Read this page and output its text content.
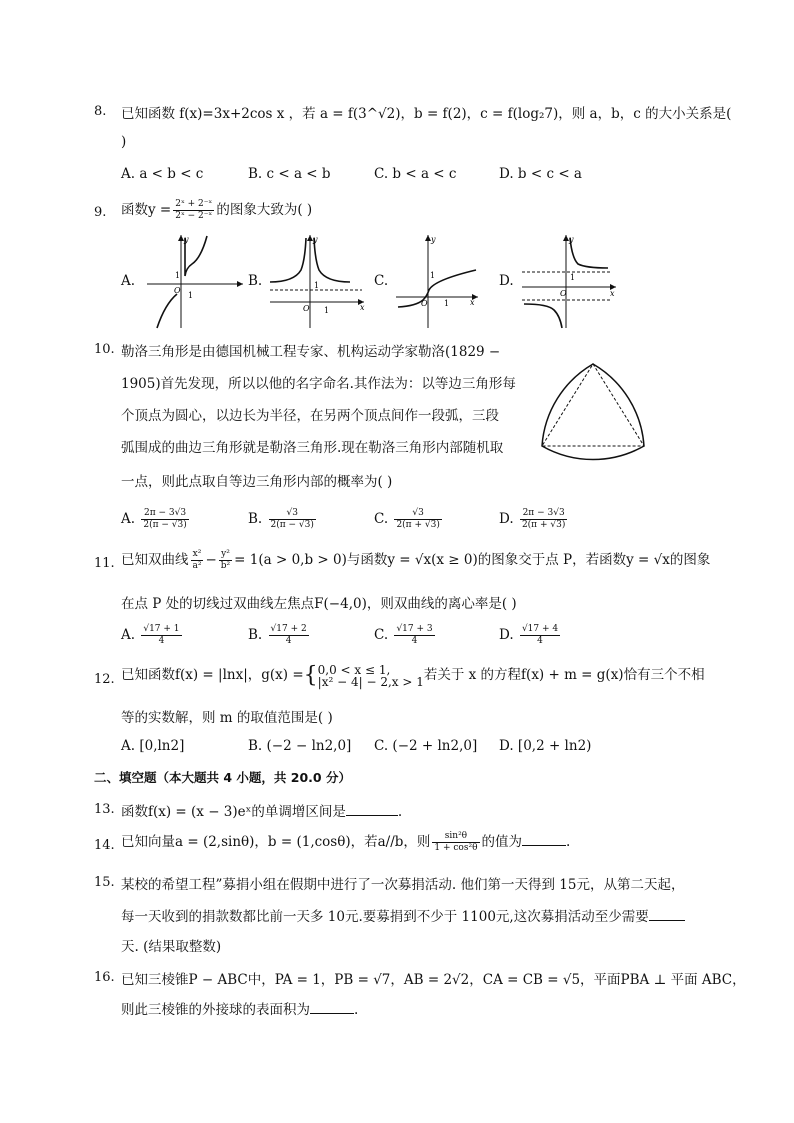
8. 已知函数 f(x)=3x+2cos x ，若 a = f(3^√2)，b = f(2)，c = f(log₂7)，则 a，b，c 的大小关系是(
)
A. a < b < c	B. c < a < b	C. b < a < c	D. b < c < a
9. 函数$y = \frac{\text{2ˣ + 2⁻ˣ}}{\text{2ˣ − 2⁻ˣ}}$ 的图象大致为( )
A.	B.	C.	D.
y
O
1
1
y
x
O 1
1
y
x
O 1
1
y
x
O
1
10. 勒洛三角形是由德国机械工程专家、机构运动学家勒洛(1829 −
1905)首先发现，所以以他的名字命名.其作法为：以等边三角形每
个顶点为圆心，以边长为半径，在另两个顶点间作一段弧，三段
弧围成的曲边三角形就是勒洛三角形.现在勒洛三角形内部随机取
一点，则此点取自等边三角形内部的概率为( )
A. $\frac{2\pi - 3√3}{2(\pi - √3)}$	B. $\frac{√3}{2(\pi - √3)}$	C. $\frac{√3}{2(\pi + √3)}$	D. $\frac{2\pi - 3√3}{2(\pi + √3)}$
11. 已知双曲线 $\frac{\text{x²}}{\text{a²}} - \frac{\text{y²}}{\text{b²}} = 1(a > 0,b > 0)$与函数y = √x(x ≥ 0)的图象交于点 P，若函数y = √x的图象
在点 P 处的切线过双曲线左焦点F(−4,0)，则双曲线的离心率是( )
A. $\frac{√17 + 1}{4}$	B. $\frac{√17 + 2}{4}$	C. $\frac{√17 + 3}{4}$	D. $\frac{√17 + 4}{4}$
12. 已知函数f(x) = |lnx|，g(x) ={ 0,0 < x ≤ 1,
|x² − 4| − 2,x > 1 若关于 x 的方程f(x) + m = g(x)恰有三个不相
等的实数解，则 m 的取值范围是( )
A. [0,ln2]	B. (−2 − ln2,0] C. (−2 + ln2,0] D. [0,2 + ln2)
二、填空题（本大题共 4 小题，共 20.0 分）
13. 函数f(x) = (x − 3)eˣ的单调增区间是	.
14. 已知向量a = (2,sinθ)，b = (1,cosθ)，若a//b，则 $\frac{\text{sin²θ}}{\text{1 + cos²θ}}$ 的值为	.
15. 某校的希望工程”募捐小组在假期中进行了一次募捐活动. 他们第一天得到 15元，从第二天起，
每一天收到的捐款数都比前一天多 10元.要募捐到不少于 1100元,这次募捐活动至少需要
天. (结果取整数)
16. 已知三棱锥P − ABC中，PA = 1，PB = √7，AB = 2√2，CA = CB = √5，平面PBA ⊥ 平面 ABC，
则此三棱锥的外接球的表面积为	.
